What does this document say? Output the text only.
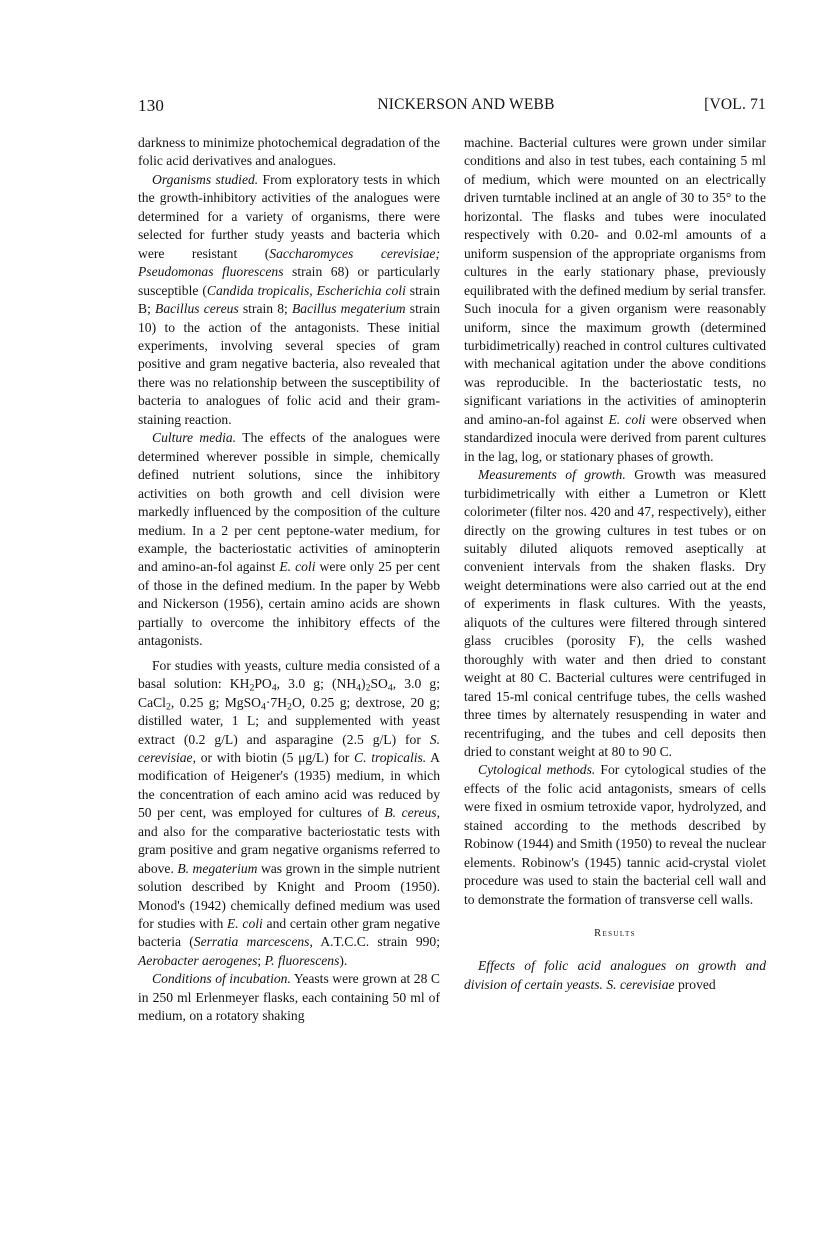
130	NICKERSON AND WEBB	[VOL. 71

darkness to minimize photochemical degradation of the folic acid derivatives and analogues.

Organisms studied. From exploratory tests in which the growth-inhibitory activities of the analogues were determined for a variety of organisms, there were selected for further study yeasts and bacteria which were resistant (Saccharomyces cerevisiae; Pseudomonas fluorescens strain 68) or particularly susceptible (Candida tropicalis, Escherichia coli strain B; Bacillus cereus strain 8; Bacillus megaterium strain 10) to the action of the antagonists. These initial experiments, involving several species of gram positive and gram negative bacteria, also revealed that there was no relationship between the susceptibility of bacteria to analogues of folic acid and their gram-staining reaction.

Culture media. The effects of the analogues were determined wherever possible in simple, chemically defined nutrient solutions, since the inhibitory activities on both growth and cell division were markedly influenced by the composition of the culture medium. In a 2 per cent peptone-water medium, for example, the bacteriostatic activities of aminopterin and amino-an-fol against E. coli were only 25 per cent of those in the defined medium. In the paper by Webb and Nickerson (1956), certain amino acids are shown partially to overcome the inhibitory effects of the antagonists.

For studies with yeasts, culture media consisted of a basal solution: $KH_2PO_4$, 3.0 g; $(NH_4)_2SO_4$, 3.0 g; CaCl$_2$, 0.25 g; $MgSO_4\cdot 7H_2O$, 0.25 g; dextrose, 20 g; distilled water, 1 L; and supplemented with yeast extract (0.2 g/L) and asparagine (2.5 g/L) for S. cerevisiae, or with biotin (5 μg/L) for C. tropicalis. A modification of Heigener's (1935) medium, in which the concentration of each amino acid was reduced by 50 per cent, was employed for cultures of B. cereus, and also for the comparative bacteriostatic tests with gram positive and gram negative organisms referred to above. B. megaterium was grown in the simple nutrient solution described by Knight and Proom (1950). Monod's (1942) chemically defined medium was used for studies with E. coli and certain other gram negative bacteria (Serratia marcescens, A.T.C.C. strain 990; Aerobacter aerogenes; P. fluorescens).

Conditions of incubation. Yeasts were grown at 28 C in 250 ml Erlenmeyer flasks, each containing 50 ml of medium, on a rotatory shaking

machine. Bacterial cultures were grown under similar conditions and also in test tubes, each containing 5 ml of medium, which were mounted on an electrically driven turntable inclined at an angle of 30 to 35° to the horizontal. The flasks and tubes were inoculated respectively with 0.20- and 0.02-ml amounts of a uniform suspension of the appropriate organisms from cultures in the early stationary phase, previously equilibrated with the defined medium by serial transfer. Such inocula for a given organism were reasonably uniform, since the maximum growth (determined turbidimetrically) reached in control cultures cultivated with mechanical agitation under the above conditions was reproducible. In the bacteriostatic tests, no significant variations in the activities of aminopterin and amino-an-fol against E. coli were observed when standardized inocula were derived from parent cultures in the lag, log, or stationary phases of growth.

Measurements of growth. Growth was measured turbidimetrically with either a Lumetron or Klett colorimeter (filter nos. 420 and 47, respectively), either directly on the growing cultures in test tubes or on suitably diluted aliquots removed aseptically at convenient intervals from the shaken flasks. Dry weight determinations were also carried out at the end of experiments in flask cultures. With the yeasts, aliquots of the cultures were filtered through sintered glass crucibles (porosity F), the cells washed thoroughly with water and then dried to constant weight at 80 C. Bacterial cultures were centrifuged in tared 15-ml conical centrifuge tubes, the cells washed three times by alternately resuspending in water and recentrifuging, and the tubes and cell deposits then dried to constant weight at 80 to 90 C.

Cytological methods. For cytological studies of the effects of the folic acid antagonists, smears of cells were fixed in osmium tetroxide vapor, hydrolyzed, and stained according to the methods described by Robinow (1944) and Smith (1950) to reveal the nuclear elements. Robinow's (1945) tannic acid-crystal violet procedure was used to stain the bacterial cell wall and to demonstrate the formation of transverse cell walls.

Results

Effects of folic acid analogues on growth and division of certain yeasts. S. cerevisiae proved
